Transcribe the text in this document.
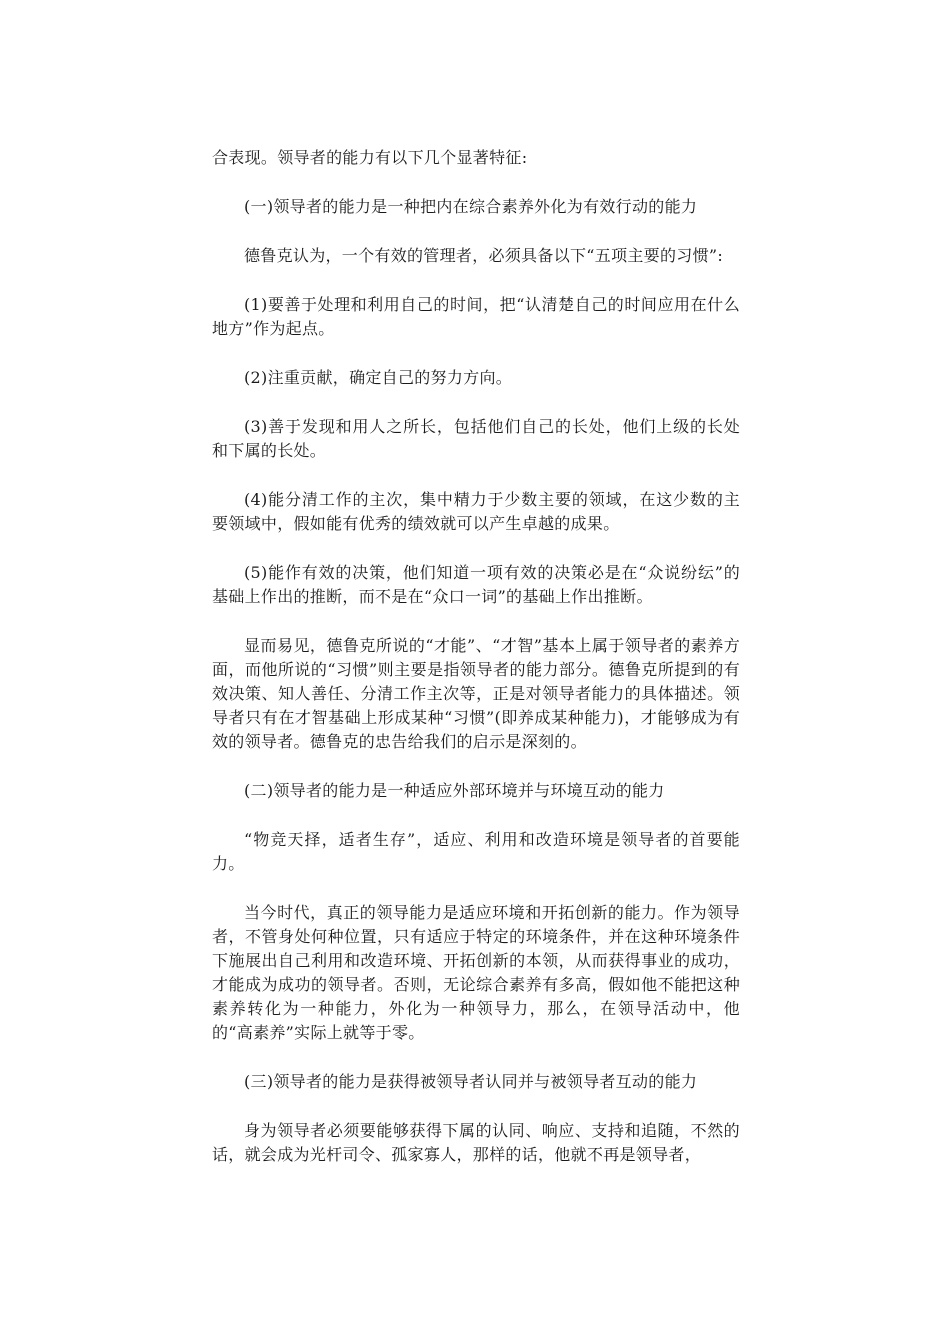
合表现。领导者的能力有以下几个显著特征:

(一)领导者的能力是一种把内在综合素养外化为有效行动的能力

德鲁克认为，一个有效的管理者，必须具备以下“五项主要的习惯”:

(1)要善于处理和利用自己的时间，把“认清楚自己的时间应用在什么地方”作为起点。

(2)注重贡献，确定自己的努力方向。

(3)善于发现和用人之所长，包括他们自己的长处，他们上级的长处和下属的长处。

(4)能分清工作的主次，集中精力于少数主要的领域，在这少数的主要领域中，假如能有优秀的绩效就可以产生卓越的成果。

(5)能作有效的决策，他们知道一项有效的决策必是在“众说纷纭”的基础上作出的推断，而不是在“众口一词”的基础上作出推断。

显而易见，德鲁克所说的“才能”、“才智”基本上属于领导者的素养方面，而他所说的“习惯”则主要是指领导者的能力部分。德鲁克所提到的有效决策、知人善任、分清工作主次等，正是对领导者能力的具体描述。领导者只有在才智基础上形成某种“习惯”(即养成某种能力)，才能够成为有效的领导者。德鲁克的忠告给我们的启示是深刻的。

(二)领导者的能力是一种适应外部环境并与环境互动的能力

“物竞天择，适者生存”，适应、利用和改造环境是领导者的首要能力。

当今时代，真正的领导能力是适应环境和开拓创新的能力。作为领导者，不管身处何种位置，只有适应于特定的环境条件，并在这种环境条件下施展出自己利用和改造环境、开拓创新的本领，从而获得事业的成功，才能成为成功的领导者。否则，无论综合素养有多高，假如他不能把这种素养转化为一种能力，外化为一种领导力，那么，在领导活动中，他的“高素养”实际上就等于零。

(三)领导者的能力是获得被领导者认同并与被领导者互动的能力

身为领导者必须要能够获得下属的认同、响应、支持和追随，不然的话，就会成为光杆司令、孤家寡人，那样的话，他就不再是领导者，
